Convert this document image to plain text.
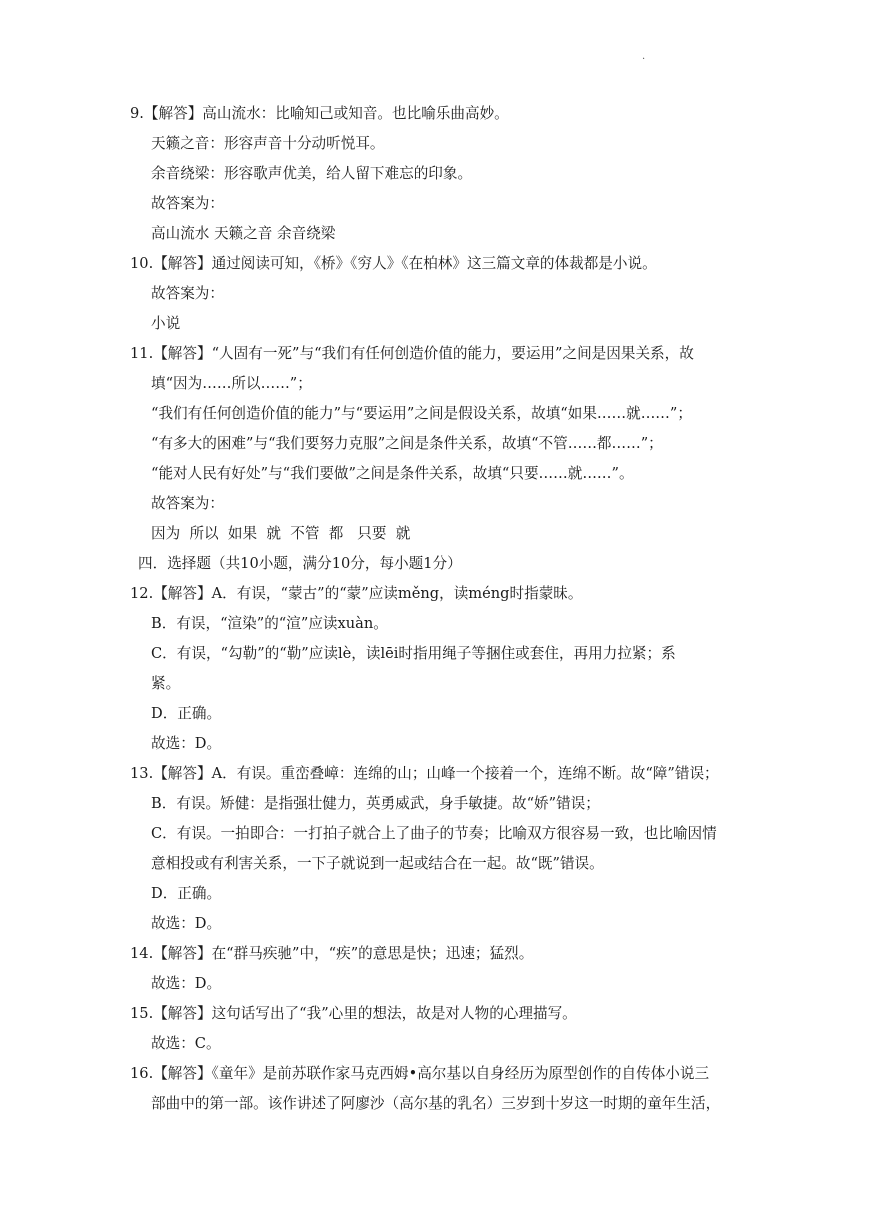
.
9.【解答】高山流水：比喻知己或知音。也比喻乐曲高妙。
天籁之音：形容声音十分动听悦耳。
余音绕梁：形容歌声优美，给人留下难忘的印象。
故答案为：
高山流水 天籁之音 余音绕梁
10.【解答】通过阅读可知，《桥》《穷人》《在柏林》这三篇文章的体裁都是小说。
故答案为：
小说
11.【解答】“人固有一死”与“我们有任何创造价值的能力，要运用”之间是因果关系，故
填“因为……所以……”；
“我们有任何创造价值的能力”与“要运用”之间是假设关系，故填“如果……就……”；
“有多大的困难”与“我们要努力克服”之间是条件关系，故填“不管……都……”；
“能对人民有好处”与“我们要做”之间是条件关系，故填“只要……就……”。
故答案为：
因为  所以  如果  就  不管  都   只要  就
四．选择题（共10小题，满分10分，每小题1分）
12.【解答】A．有误，“蒙古”的“蒙”应读měng，读méng时指蒙昧。
B．有误，“渲染”的“渲”应读xuàn。
C．有误，“勾勒”的“勒”应读lè，读lēi时指用绳子等捆住或套住，再用力拉紧；系
紧。
D．正确。
故选：D。
13.【解答】A．有误。重峦叠嶂：连绵的山；山峰一个接着一个，连绵不断。故“障”错误；
B．有误。矫健：是指强壮健力，英勇威武，身手敏捷。故“娇”错误；
C．有误。一拍即合：一打拍子就合上了曲子的节奏；比喻双方很容易一致，也比喻因情
意相投或有利害关系，一下子就说到一起或结合在一起。故“既”错误。
D．正确。
故选：D。
14.【解答】在“群马疾驰”中，“疾”的意思是快；迅速；猛烈。
故选：D。
15.【解答】这句话写出了“我”心里的想法，故是对人物的心理描写。
故选：C。
16.【解答】《童年》是前苏联作家马克西姆•高尔基以自身经历为原型创作的自传体小说三
部曲中的第一部。该作讲述了阿廖沙（高尔基的乳名）三岁到十岁这一时期的童年生活，
